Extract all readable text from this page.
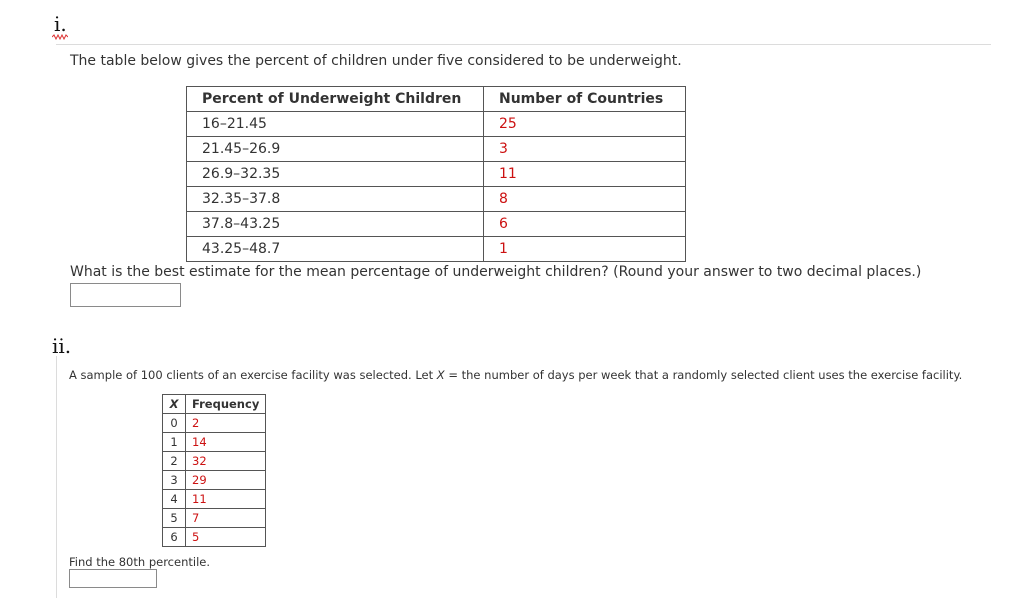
i.
The table below gives the percent of children under five considered to be underweight.
Percent of Underweight Children	Number of Countries
16–21.45	25
21.45–26.9	3
26.9–32.35	11
32.35–37.8	8
37.8–43.25	6
43.25–48.7	1
What is the best estimate for the mean percentage of underweight children? (Round your answer to two decimal places.)
ii.
A sample of 100 clients of an exercise facility was selected. Let X = the number of days per week that a randomly selected client uses the exercise facility.
X	Frequency
0	2
1	14
2	32
3	29
4	11
5	7
6	5
Find the 80th percentile.
